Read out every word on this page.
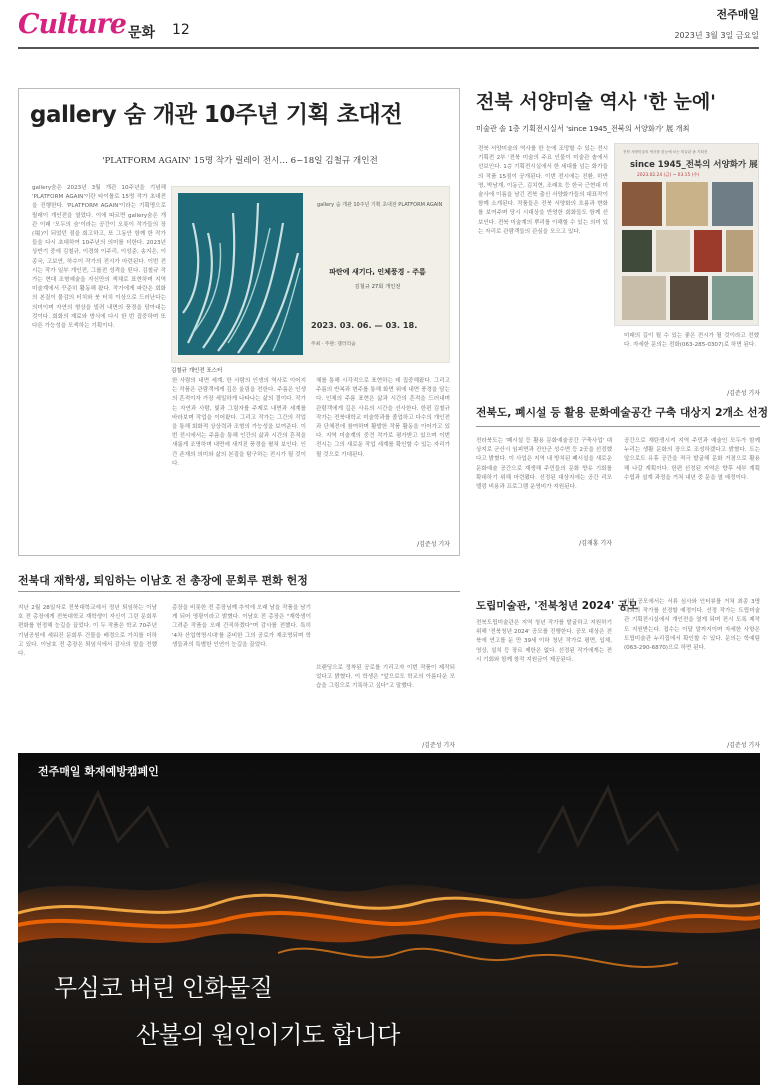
Culture 문화 12
전주매일
2023년 3월 3일 금요일
gallery 숨 개관 10주년 기획 초대전
'PLATFORM AGAIN' 15명 작가 릴레이 전시… 6~18일 김철규 개인전
gallery숨은 2023년 3월 개관 10주년을 기념해 'PLATFORM AGAIN'이란 타이틀로 15명 작가 초대전을 진행한다. 'PLATFORM AGAIN'이라는 기획명으로 릴레이 개인전을 열었다. 이에 따르면 gallery숨은 개관 이래 '모두의 숨'이라는 공간이 오롯이 작가들의 장(場)이 되었던 점을 회고하고, 또 그동안 함께 한 작가들을 다시 초대하여 10주년의 의미를 더한다. 2023년 상반기 중에 김철규, 이경희 이주리, 이성준, 송지은, 이종국, 고보연, 하수이 작가의 전시가 마련된다. 이번 전시는 작가 일부 개인전, 그룹전 성격을 띤다. 김철규 작가는 현대 조형예술을 자신만의 색채로 표현하며 지역 미술계에서 꾸준히 활동해 왔다. 작가에게 파란은 회화의 본질이 물감의 터치와 붓 터치 이상으로 드러난다는 의미이며 자연의 형상을 빌려 내면의 풍경을 담아내는 것이다. 회화의 재료와 방식에 다시 한 번 집중하며 또 다른 가능성을 모색하는 기획이다.
gallery 숨 개관 10주년 기획 초대전 PLATFORM AGAIN
파란에 새기다, 인체풍경 - 주름
김철규 27회 개인전
2023. 03. 06. — 03. 18.
주최 · 주관: 갤러리숨
김철규 개인전 포스터
한 사람의 내면 세계, 한 사람의 인생의 역사로 이어지는 작품은 관람객에게 깊은 울림을 전한다. 주름은 인생의 흔적이자 가장 세밀하게 나타나는 삶의 결이다. 작가는 자연과 사람, 빛과 그림자를 주제로 내면과 세계를 바라보며 작업을 이어왔다. 그리고 작가는 그간의 작업을 통해 회화적 상상력과 조형의 가능성을 보여준다. 이번 전시에서는 주름을 통해 인간의 삶과 시간의 흔적을 새롭게 조명하며 내면에 새겨진 풍경을 펼쳐 보인다. 인간 존재의 의미와 삶의 본질을 탐구하는 전시가 될 것이다.
체를 통해 시각적으로 표현하는 데 집중해왔다. 그리고 주름의 반복과 변주를 통해 화면 위에 내면 풍경을 담는다. 인체의 주름 표현은 삶과 시간의 흔적을 드러내며 관람객에게 깊은 사유의 시간을 선사한다. 한편 김철규 작가는 전북대학교 미술학과를 졸업하고 다수의 개인전과 단체전에 참여하며 활발한 작품 활동을 이어가고 있다. 지역 미술계의 중견 작가로 평가받고 있으며 이번 전시는 그의 새로운 작업 세계를 확인할 수 있는 자리가 될 것으로 기대된다.
/김준성 기자
전북대 재학생, 퇴임하는 이남호 전 총장에 문회루 편화 헌정
지난 2월 28일자로 전북대학교에서 정년 퇴임하는 이남호 전 총장에게 전북대학교 재학생이 자신이 그린 문회루 편화를 헌정해 눈길을 끌었다. 이 두 작품은 학교 70주년 기념공원에 세워진 문회루 건물을 배경으로 가치를 더하고 있다. 이남호 전 총장은 퇴임식에서 감사의 말을 전했다.
총장을 비롯한 전 총장님께 추억에 오래 남을 작품을 남기게 되어 영광이라고 밝혔다. 이남호 전 총장은 "재학생이 그려준 작품을 오래 간직하겠다"며 감사를 전했다. 특히 '4차 산업혁명시대'를 준비한 그의 공로가 재조명되며 학생들과의 특별한 인연이 눈길을 끌었다.
브랜딩으로 정착된 공로를 기리고자 이번 작품이 제작되었다고 밝혔다. 이 학생은 "앞으로도 학교의 아름다운 모습을 그림으로 기록하고 싶다"고 말했다.
/김준성 기자
전북 서양미술 역사 '한 눈에'
미술관 솔 1층 기획전시실서 'since 1945_전북의 서양화가' 展 개최
전북 서양미술의 역사를 한 눈에 조망할 수 있는 전시 기획전 2부 '전북 미술의 주요 인물이 미술관 솔에서 선보인다. 1층 기획전시실에서 한 세대를 넘는 화가들의 작품 15점이 공개된다. 이번 전시에는 진환, 하반영, 박남재, 이동근, 김치현, 조래호 등 한국 근현대 미술사에 이름을 남긴 전북 출신 서양화가들의 대표작이 함께 소개된다. 작품들은 전북 서양화의 흐름과 변화를 보여주며 당시 시대상을 반영한 회화들도 함께 선보인다. 전북 미술계의 뿌리를 이해할 수 있는 의미 있는 자리로 관람객들의 관심을 모으고 있다.
전북 서양미술의 역사를 한눈에 보는 미술관 솔 기획전
since 1945_전북의 서양화가 展
2023.02.24 (금) ~ 03.15 (수)
미래의 길이 될 수 있는 좋은 전시가 될 것이라고 전했다. 자세한 문의는 전화(063-285-0307)로 하면 된다.
/김준성 기자
전북도, 폐시설 등 활용 문화예술공간 구축 대상지 2개소 선정
전라북도는 '폐시설 등 활용 문화예술공간 구축사업' 대상지로 군산시 임피면과 진안군 성수면 등 2곳을 선정했다고 밝혔다. 이 사업은 지역 내 방치된 폐시설을 새로운 문화예술 공간으로 재생해 주민들의 문화 향유 기회를 확대하기 위해 마련됐다. 선정된 대상지에는 공간 리모델링 비용과 프로그램 운영비가 지원된다.
공간으로 재탄생시켜 지역 주민과 예술인 모두가 함께 누리는 생활 문화의 장으로 조성하겠다고 밝혔다. 도는 앞으로도 유휴 공간을 적극 발굴해 문화 거점으로 활용해 나갈 계획이다. 한편 선정된 지역은 향후 세부 계획 수립과 설계 과정을 거쳐 내년 중 문을 열 예정이다.
/김재홍 기자
도립미술관, '전북청년 2024' 공모
전북도립미술관은 지역 청년 작가를 발굴하고 지원하기 위해 '전북청년 2024' 공모를 진행한다. 공모 대상은 전북에 연고를 둔 만 39세 이하 청년 작가로 평면, 입체, 영상, 설치 등 장르 제한은 없다. 선정된 작가에게는 전시 기회와 함께 창작 지원금이 제공된다.
이번 공모에서는 서류 심사와 인터뷰를 거쳐 최종 3명 내외의 작가를 선정할 예정이다. 선정 작가는 도립미술관 기획전시실에서 개인전을 열게 되며 전시 도록 제작도 지원받는다. 접수는 이달 말까지이며 자세한 사항은 도립미술관 누리집에서 확인할 수 있다. 문의는 학예팀(063-290-6870)으로 하면 된다.
/김준성 기자
전주매일 화재예방캠페인
무심코 버린 인화물질
산불의 원인이기도 합니다
